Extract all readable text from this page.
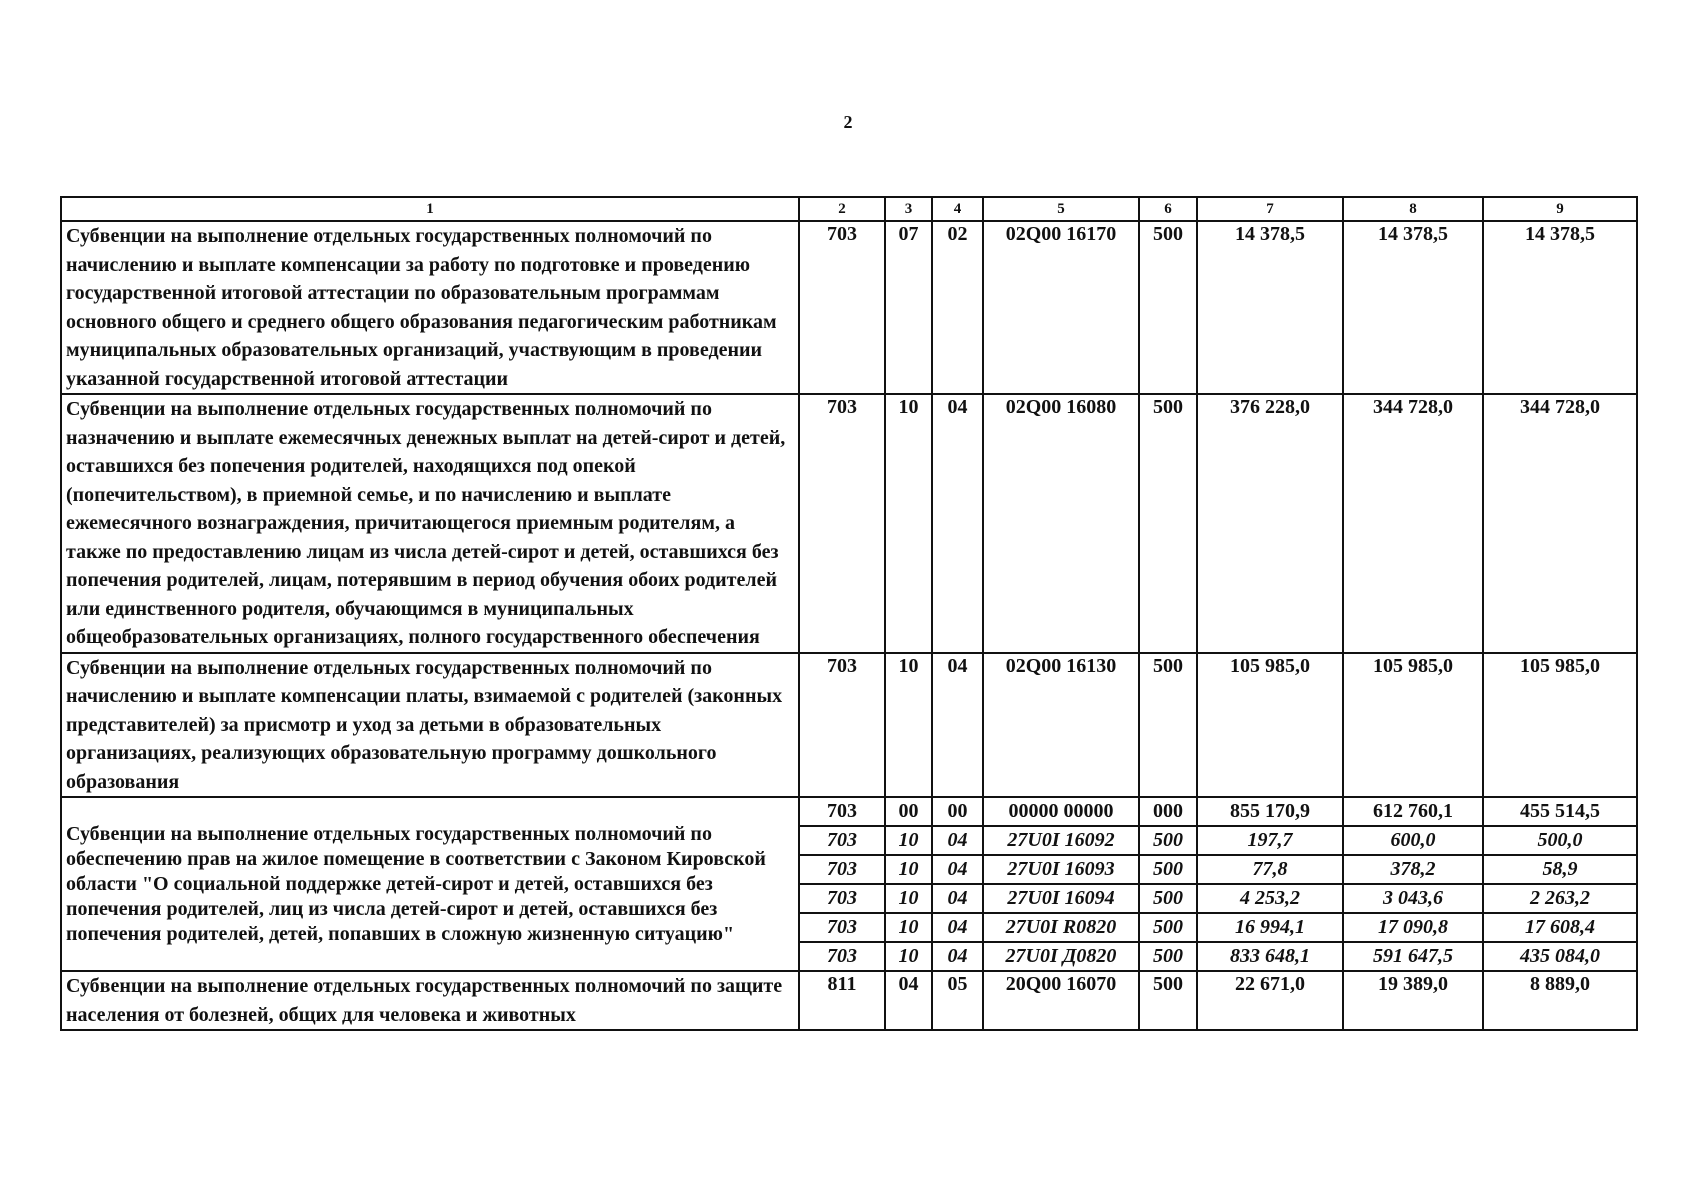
2
1	2	3	4	5	6	7	8	9
Субвенции на выполнение отдельных государственных полномочий по начислению и выплате компенсации за работу по подготовке и проведению государственной итоговой аттестации по образовательным программам основного общего и среднего общего образования педагогическим работникам муниципальных образовательных организаций, участвующим в проведении указанной государственной итоговой аттестации	703	07	02	02Q00 16170	500	14 378,5	14 378,5	14 378,5
Субвенции на выполнение отдельных государственных полномочий по назначению и выплате ежемесячных денежных выплат на детей-сирот и детей, оставшихся без попечения родителей, находящихся под опекой (попечительством), в приемной семье, и по начислению и выплате ежемесячного вознаграждения, причитающегося приемным родителям, а также по предоставлению лицам из числа детей-сирот и детей, оставшихся без попечения родителей, лицам, потерявшим в период обучения обоих родителей или единственного родителя, обучающимся в муниципальных общеобразовательных организациях, полного государственного обеспечения	703	10	04	02Q00 16080	500	376 228,0	344 728,0	344 728,0
Субвенции на выполнение отдельных государственных полномочий по начислению и выплате компенсации платы, взимаемой с родителей (законных представителей) за присмотр и уход за детьми в образовательных организациях, реализующих образовательную программу дошкольного образования	703	10	04	02Q00 16130	500	105 985,0	105 985,0	105 985,0
Субвенции на выполнение отдельных государственных полномочий по обеспечению прав на жилое помещение в соответствии с Законом Кировской области "О социальной поддержке детей-сирот и детей, оставшихся без попечения родителей, лиц из числа детей-сирот и детей, оставшихся без попечения родителей, детей, попавших в сложную жизненную ситуацию"	703	00	00	00000 00000	000	855 170,9	612 760,1	455 514,5
	703	10	04	27U0I 16092	500	197,7	600,0	500,0
	703	10	04	27U0I 16093	500	77,8	378,2	58,9
	703	10	04	27U0I 16094	500	4 253,2	3 043,6	2 263,2
	703	10	04	27U0I R0820	500	16 994,1	17 090,8	17 608,4
	703	10	04	27U0I Д0820	500	833 648,1	591 647,5	435 084,0
Субвенции на выполнение отдельных государственных полномочий по защите населения от болезней, общих для человека и животных	811	04	05	20Q00 16070	500	22 671,0	19 389,0	8 889,0
